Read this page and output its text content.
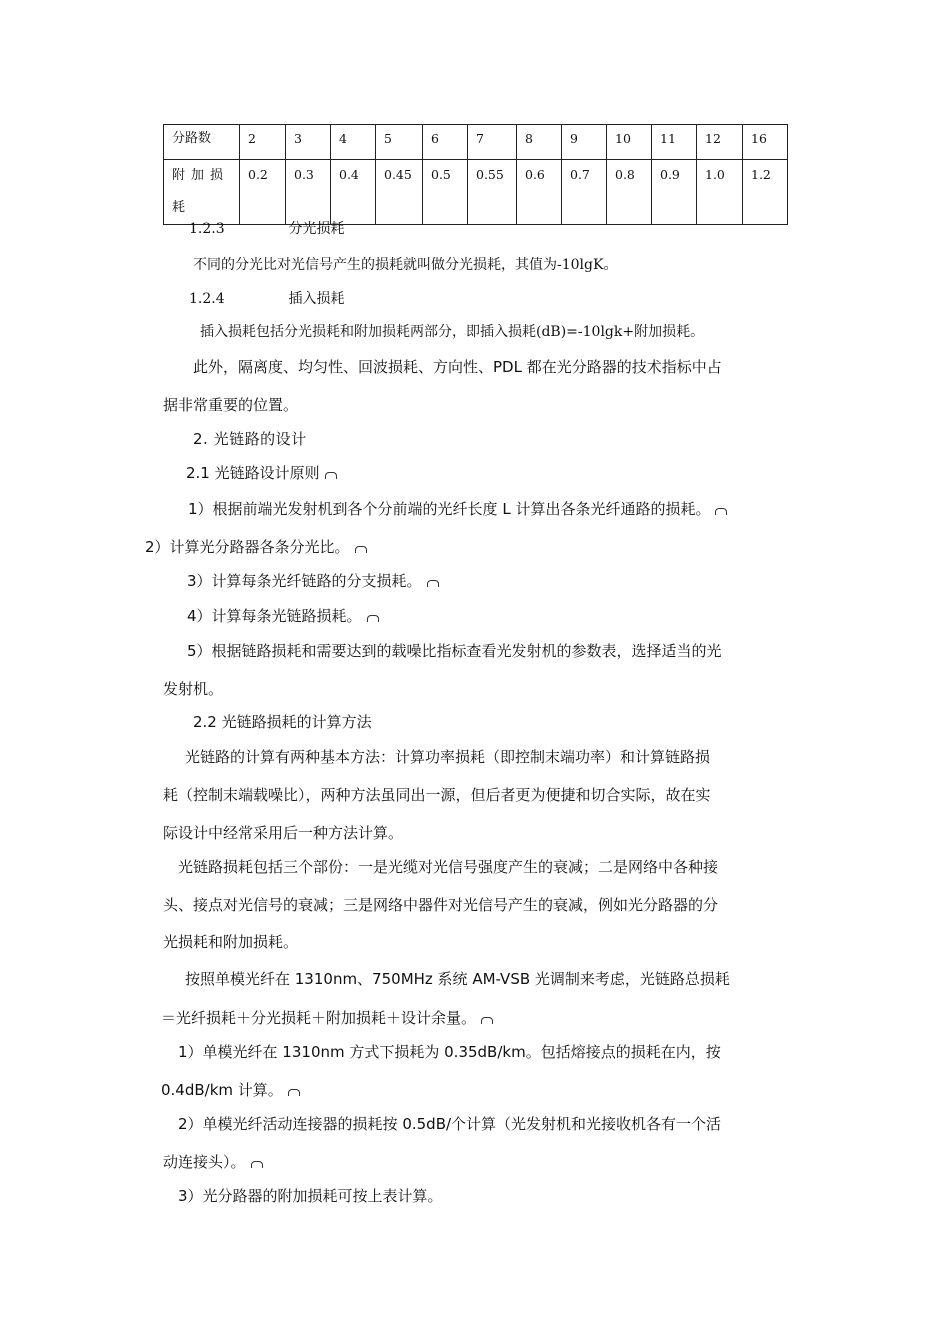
分路数	2	3	4	5	6	7	8	9	10	11	12	16
附加损耗	0.2	0.3	0.4	0.45	0.5	0.55	0.6	0.7	0.8	0.9	1.0	1.2
1.2.3	分光损耗
不同的分光比对光信号产生的损耗就叫做分光损耗，其值为-10lgK。
1.2.4	插入损耗
插入损耗包括分光损耗和附加损耗两部分，即插入损耗(dB)=-10lgk+附加损耗。
此外，隔离度、均匀性、回波损耗、方向性、PDL 都在光分路器的技术指标中占
据非常重要的位置。
2. 光链路的设计
2.1 光链路设计原则
1）根据前端光发射机到各个分前端的光纤长度 L 计算出各条光纤通路的损耗。
2）计算光分路器各条分光比。
3）计算每条光纤链路的分支损耗。
4）计算每条光链路损耗。
5）根据链路损耗和需要达到的载噪比指标查看光发射机的参数表，选择适当的光
发射机。
2.2 光链路损耗的计算方法
光链路的计算有两种基本方法：计算功率损耗（即控制末端功率）和计算链路损
耗（控制末端载噪比），两种方法虽同出一源，但后者更为便捷和切合实际，故在实
际设计中经常采用后一种方法计算。
光链路损耗包括三个部份：一是光缆对光信号强度产生的衰减；二是网络中各种接
头、接点对光信号的衰减；三是网络中器件对光信号产生的衰减，例如光分路器的分
光损耗和附加损耗。
按照单模光纤在 1310nm、750MHz 系统 AM-VSB 光调制来考虑，光链路总损耗
＝光纤损耗＋分光损耗＋附加损耗＋设计余量。
1）单模光纤在 1310nm 方式下损耗为 0.35dB/km。包括熔接点的损耗在内，按
0.4dB/km 计算。
2）单模光纤活动连接器的损耗按 0.5dB/个计算（光发射机和光接收机各有一个活
动连接头）。
3）光分路器的附加损耗可按上表计算。
